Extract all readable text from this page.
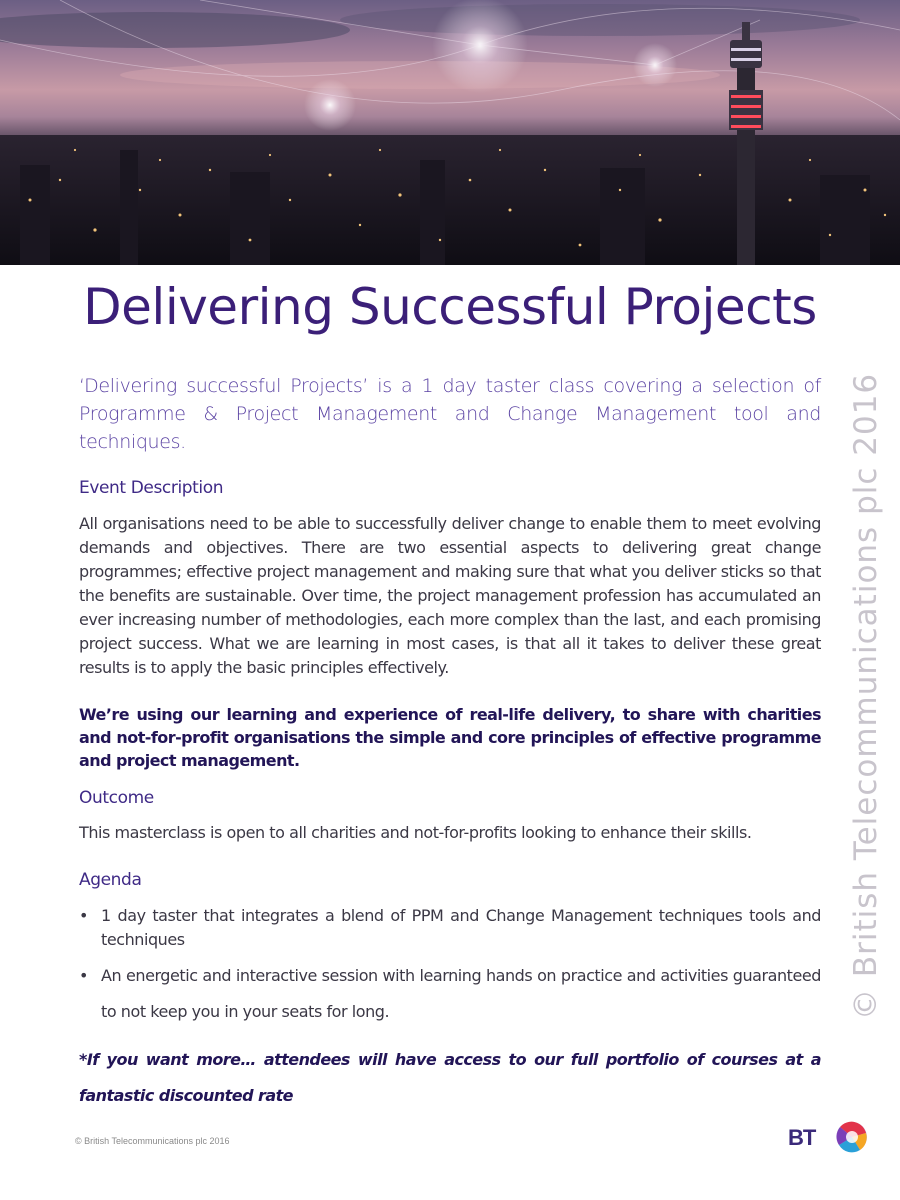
Delivering Successful Projects
‘Delivering successful Projects’ is a 1 day taster class covering a selection of Programme & Project Management and Change Management tool and techniques.
Event Description
All organisations need to be able to successfully deliver change to enable them to meet evolving demands and objectives. There are two essential aspects to delivering great change programmes; effective project management and making sure that what you deliver sticks so that the benefits are sustainable. Over time, the project management profession has accumulated an ever increasing number of methodologies, each more complex than the last, and each promising project success. What we are learning in most cases, is that all it takes to deliver these great results is to apply the basic principles effectively.
We’re using our learning and experience of real-life delivery, to share with charities and not-for-profit organisations the simple and core principles of effective programme and project management.
Outcome
This masterclass is open to all charities and not-for-profits looking to enhance their skills.
Agenda
• 1 day taster that integrates a blend of PPM and Change Management techniques tools and techniques
• An energetic and interactive session with learning hands on practice and activities guaranteed to not keep you in your seats for long.
*If you want more… attendees will have access to our full portfolio of courses at a fantastic discounted rate
© British Telecommunications plc 2016
© British Telecommunications plc 2016	BT
